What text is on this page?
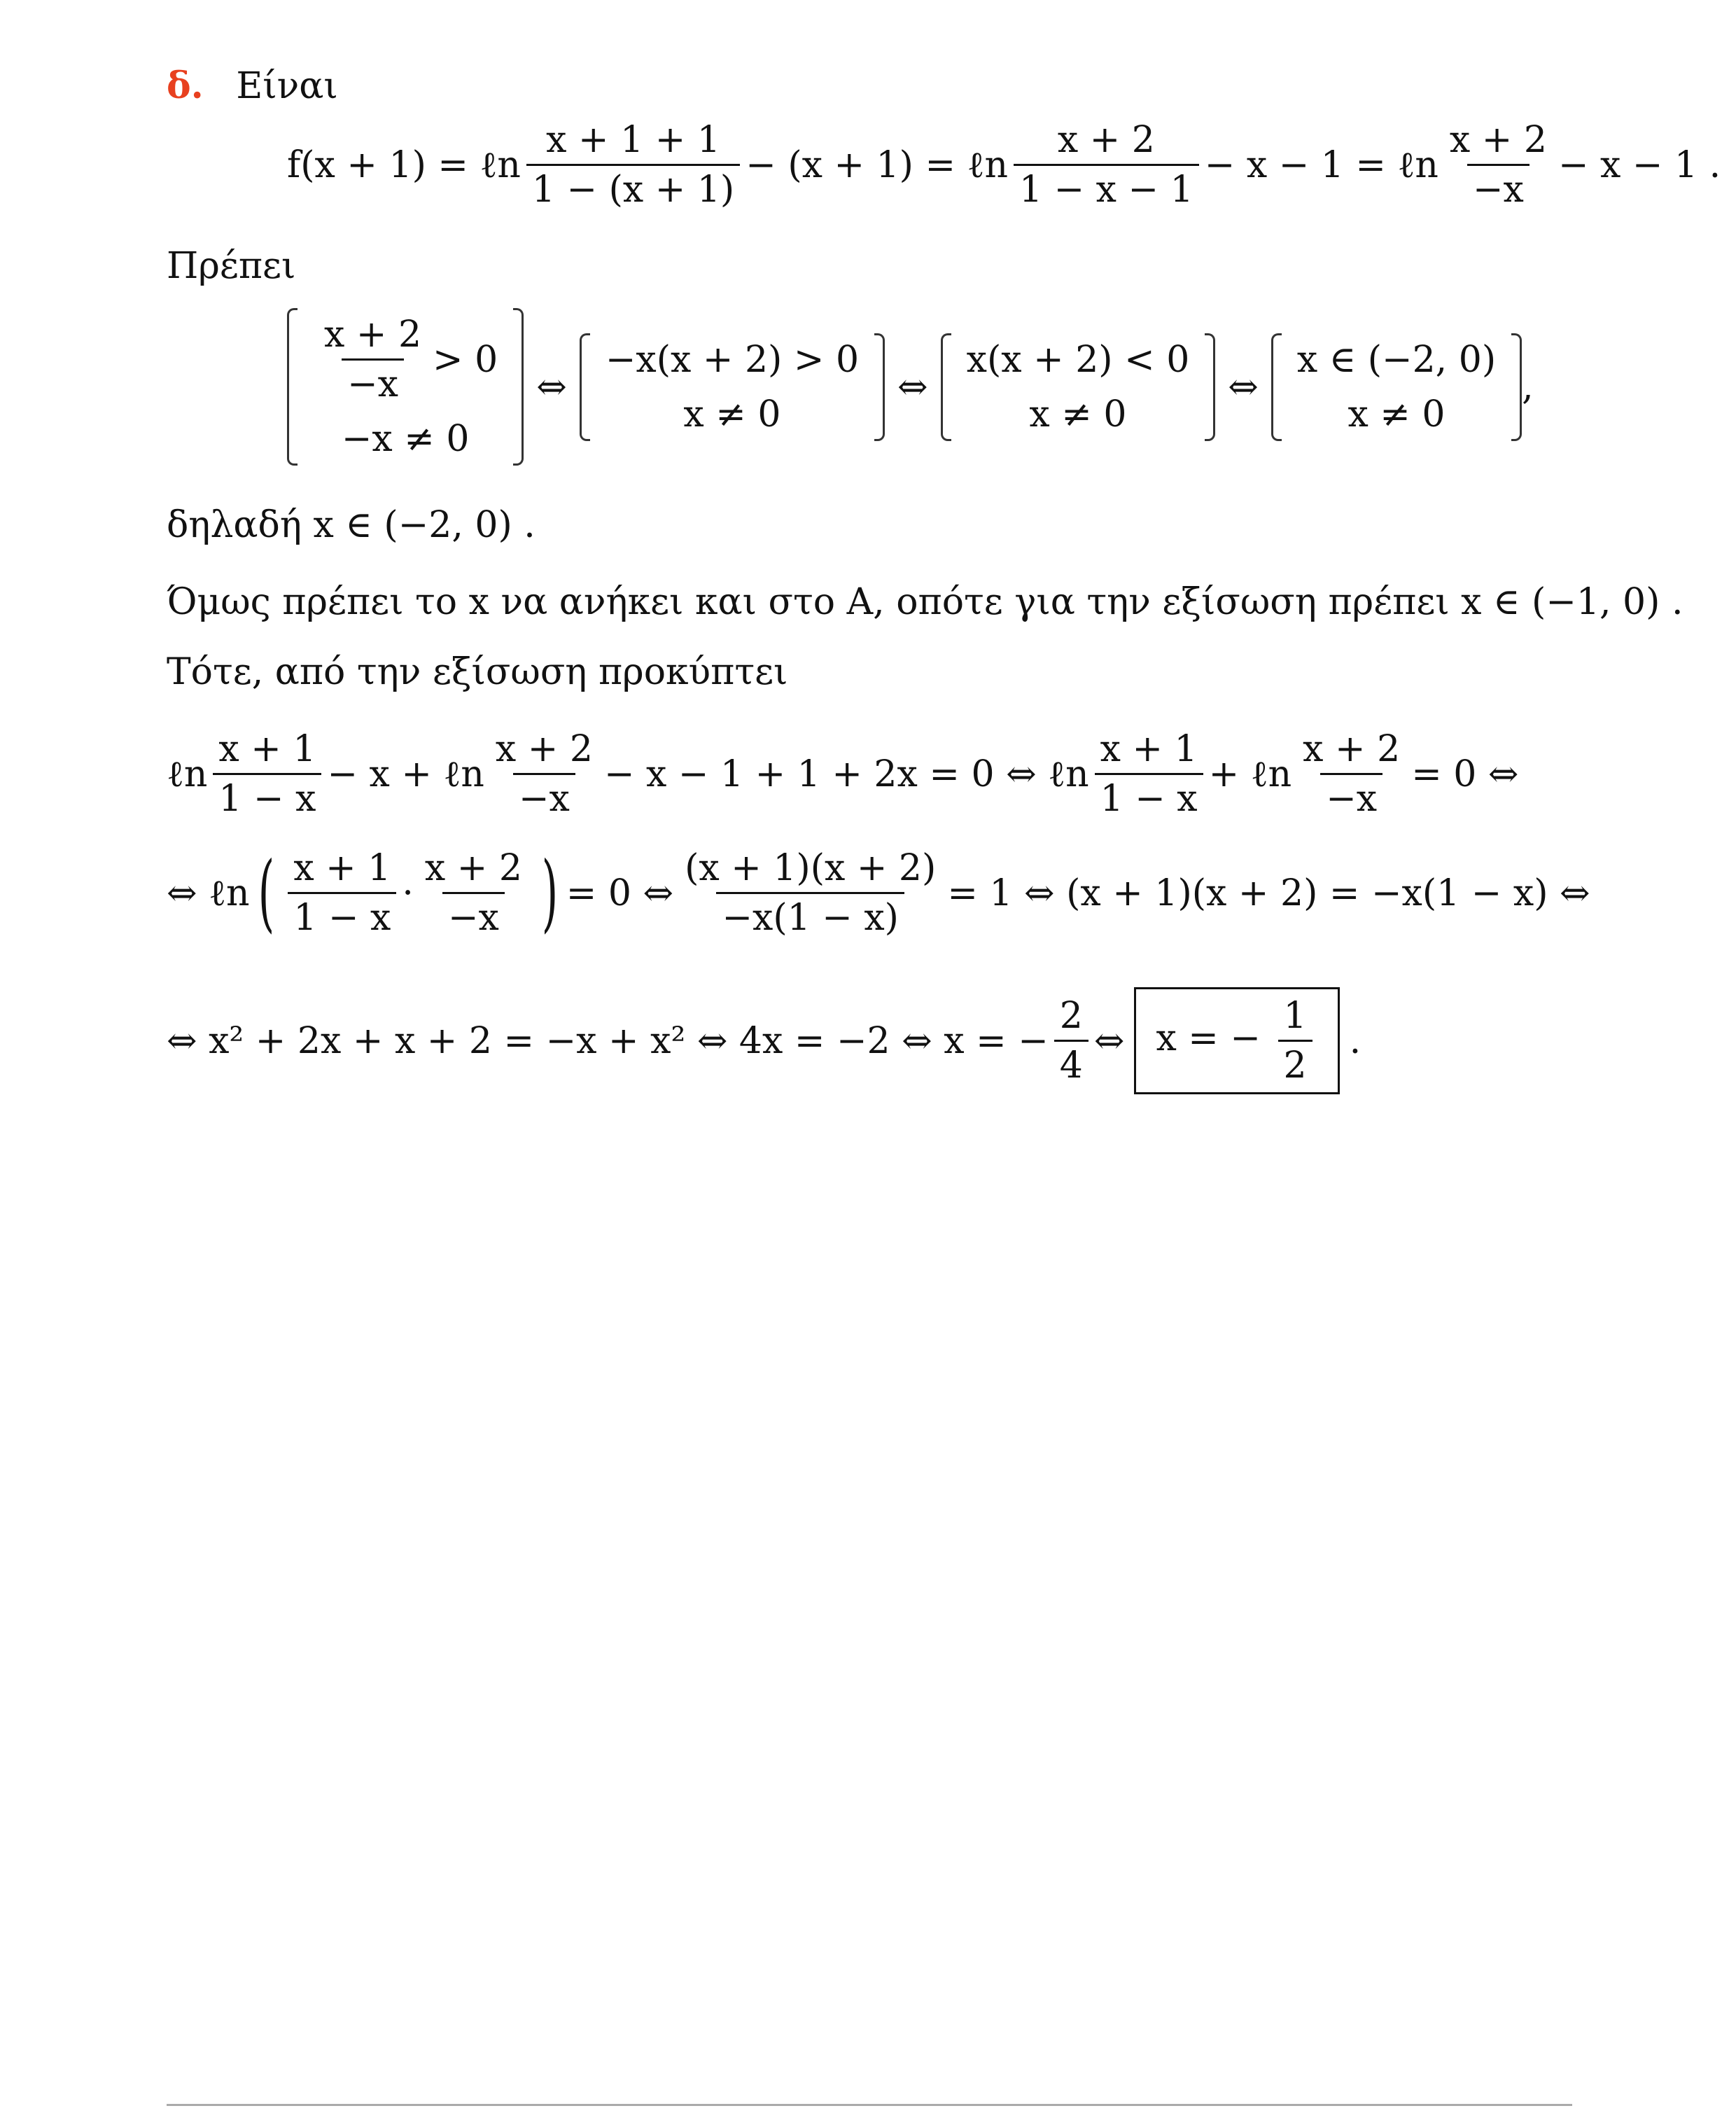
δ. Είναι
f(x + 1) = ℓn $\frac{x + 1 + 1}{1 - (x + 1)} - (x + 1)$ = ℓn $\frac{x + 2}{1 - x - 1} - x - 1$ = ℓn $\frac{x + 2}{-x} - x - 1$ .
Πρέπει
$\frac{x + 2}{-x} > 0$
−x ≠ 0
⇔
−x(x + 2) > 0
x ≠ 0
⇔
x(x + 2) < 0
x ≠ 0
⇔
x ∈ (−2, 0)
x ≠ 0
,
δηλαδή x ∈ (−2, 0) .
Όμως πρέπει το x να ανήκει και στο A, οπότε για την εξίσωση πρέπει x ∈ (−1, 0) .
Τότε, από την εξίσωση προκύπτει
ℓn $\frac{x + 1}{1 - x} - x$ + ℓn $\frac{x + 2}{-x} - x - 1 + 1 + 2x = 0$ ⇔ ℓn $\frac{x + 1}{1 - x}$ + ℓn $\frac{x + 2}{-x} = 0$ ⇔
⇔ ℓn ( $\frac{x + 1}{1 - x} \cdot \frac{x + 2}{-x}$ ) = 0 ⇔ $\frac{(x + 1)(x + 2)}{-x(1 - x)} = 1$ ⇔ (x + 1)(x + 2) = −x(1 − x) ⇔
⇔ x² + 2x + x + 2 = −x + x² ⇔ 4x = −2 ⇔ x = − $\frac{2}{4}$ ⇔ x = − $\frac{1}{2}$ .
